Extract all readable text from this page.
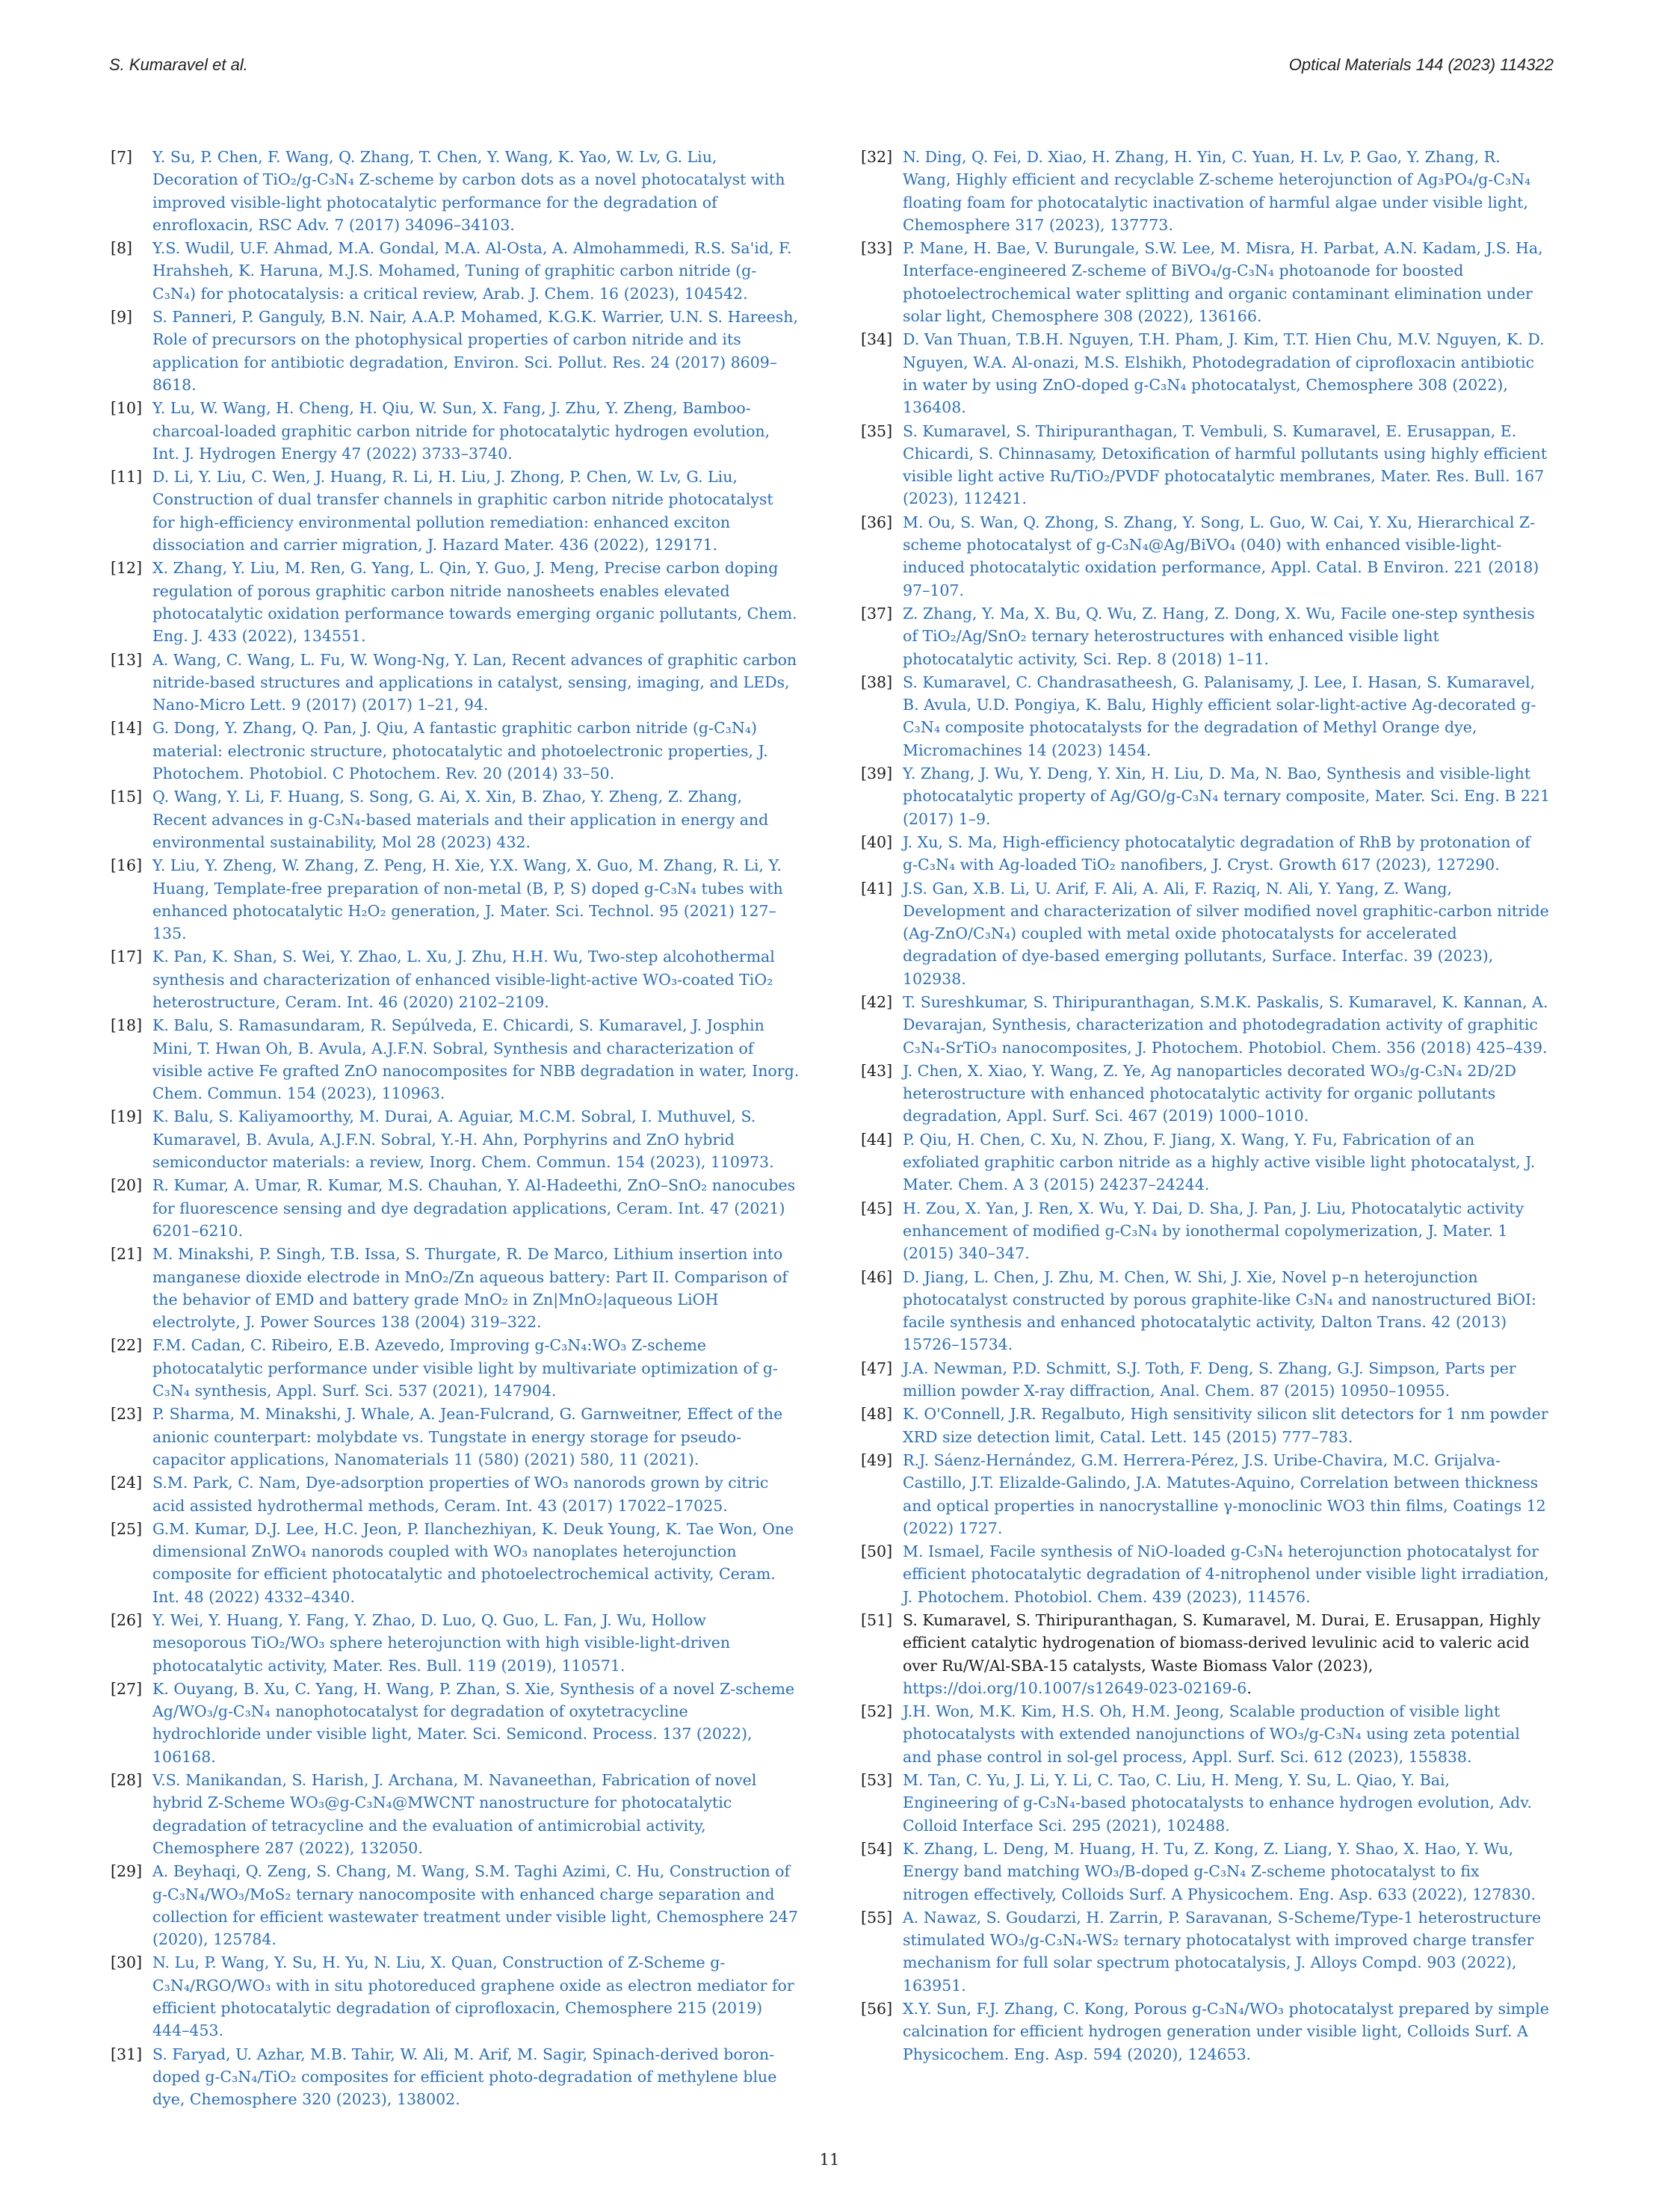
S. Kumaravel et al.	Optical Materials 144 (2023) 114322
[7] Y. Su, P. Chen, F. Wang, Q. Zhang, T. Chen, Y. Wang, K. Yao, W. Lv, G. Liu, Decoration of TiO₂/g-C₃N₄ Z-scheme by carbon dots as a novel photocatalyst with improved visible-light photocatalytic performance for the degradation of enrofloxacin, RSC Adv. 7 (2017) 34096–34103.
[8] Y.S. Wudil, U.F. Ahmad, M.A. Gondal, M.A. Al-Osta, A. Almohammedi, R.S. Sa'id, F. Hrahsheh, K. Haruna, M.J.S. Mohamed, Tuning of graphitic carbon nitride (g-C₃N₄) for photocatalysis: a critical review, Arab. J. Chem. 16 (2023), 104542.
[9] S. Panneri, P. Ganguly, B.N. Nair, A.A.P. Mohamed, K.G.K. Warrier, U.N. S. Hareesh, Role of precursors on the photophysical properties of carbon nitride and its application for antibiotic degradation, Environ. Sci. Pollut. Res. 24 (2017) 8609–8618.
[10] Y. Lu, W. Wang, H. Cheng, H. Qiu, W. Sun, X. Fang, J. Zhu, Y. Zheng, Bamboo-charcoal-loaded graphitic carbon nitride for photocatalytic hydrogen evolution, Int. J. Hydrogen Energy 47 (2022) 3733–3740.
[11] D. Li, Y. Liu, C. Wen, J. Huang, R. Li, H. Liu, J. Zhong, P. Chen, W. Lv, G. Liu, Construction of dual transfer channels in graphitic carbon nitride photocatalyst for high-efficiency environmental pollution remediation: enhanced exciton dissociation and carrier migration, J. Hazard Mater. 436 (2022), 129171.
[12] X. Zhang, Y. Liu, M. Ren, G. Yang, L. Qin, Y. Guo, J. Meng, Precise carbon doping regulation of porous graphitic carbon nitride nanosheets enables elevated photocatalytic oxidation performance towards emerging organic pollutants, Chem. Eng. J. 433 (2022), 134551.
[13] A. Wang, C. Wang, L. Fu, W. Wong-Ng, Y. Lan, Recent advances of graphitic carbon nitride-based structures and applications in catalyst, sensing, imaging, and LEDs, Nano-Micro Lett. 9 (2017) (2017) 1–21, 94.
[14] G. Dong, Y. Zhang, Q. Pan, J. Qiu, A fantastic graphitic carbon nitride (g-C₃N₄) material: electronic structure, photocatalytic and photoelectronic properties, J. Photochem. Photobiol. C Photochem. Rev. 20 (2014) 33–50.
[15] Q. Wang, Y. Li, F. Huang, S. Song, G. Ai, X. Xin, B. Zhao, Y. Zheng, Z. Zhang, Recent advances in g-C₃N₄-based materials and their application in energy and environmental sustainability, Mol 28 (2023) 432.
[16] Y. Liu, Y. Zheng, W. Zhang, Z. Peng, H. Xie, Y.X. Wang, X. Guo, M. Zhang, R. Li, Y. Huang, Template-free preparation of non-metal (B, P, S) doped g-C₃N₄ tubes with enhanced photocatalytic H₂O₂ generation, J. Mater. Sci. Technol. 95 (2021) 127–135.
[17] K. Pan, K. Shan, S. Wei, Y. Zhao, L. Xu, J. Zhu, H.H. Wu, Two-step alcohothermal synthesis and characterization of enhanced visible-light-active WO₃-coated TiO₂ heterostructure, Ceram. Int. 46 (2020) 2102–2109.
[18] K. Balu, S. Ramasundaram, R. Sepúlveda, E. Chicardi, S. Kumaravel, J. Josphin Mini, T. Hwan Oh, B. Avula, A.J.F.N. Sobral, Synthesis and characterization of visible active Fe grafted ZnO nanocomposites for NBB degradation in water, Inorg. Chem. Commun. 154 (2023), 110963.
[19] K. Balu, S. Kaliyamoorthy, M. Durai, A. Aguiar, M.C.M. Sobral, I. Muthuvel, S. Kumaravel, B. Avula, A.J.F.N. Sobral, Y.-H. Ahn, Porphyrins and ZnO hybrid semiconductor materials: a review, Inorg. Chem. Commun. 154 (2023), 110973.
[20] R. Kumar, A. Umar, R. Kumar, M.S. Chauhan, Y. Al-Hadeethi, ZnO–SnO₂ nanocubes for fluorescence sensing and dye degradation applications, Ceram. Int. 47 (2021) 6201–6210.
[21] M. Minakshi, P. Singh, T.B. Issa, S. Thurgate, R. De Marco, Lithium insertion into manganese dioxide electrode in MnO₂/Zn aqueous battery: Part II. Comparison of the behavior of EMD and battery grade MnO₂ in Zn|MnO₂|aqueous LiOH electrolyte, J. Power Sources 138 (2004) 319–322.
[22] F.M. Cadan, C. Ribeiro, E.B. Azevedo, Improving g-C₃N₄:WO₃ Z-scheme photocatalytic performance under visible light by multivariate optimization of g-C₃N₄ synthesis, Appl. Surf. Sci. 537 (2021), 147904.
[23] P. Sharma, M. Minakshi, J. Whale, A. Jean-Fulcrand, G. Garnweitner, Effect of the anionic counterpart: molybdate vs. Tungstate in energy storage for pseudo-capacitor applications, Nanomaterials 11 (580) (2021) 580, 11 (2021).
[24] S.M. Park, C. Nam, Dye-adsorption properties of WO₃ nanorods grown by citric acid assisted hydrothermal methods, Ceram. Int. 43 (2017) 17022–17025.
[25] G.M. Kumar, D.J. Lee, H.C. Jeon, P. Ilanchezhiyan, K. Deuk Young, K. Tae Won, One dimensional ZnWO₄ nanorods coupled with WO₃ nanoplates heterojunction composite for efficient photocatalytic and photoelectrochemical activity, Ceram. Int. 48 (2022) 4332–4340.
[26] Y. Wei, Y. Huang, Y. Fang, Y. Zhao, D. Luo, Q. Guo, L. Fan, J. Wu, Hollow mesoporous TiO₂/WO₃ sphere heterojunction with high visible-light-driven photocatalytic activity, Mater. Res. Bull. 119 (2019), 110571.
[27] K. Ouyang, B. Xu, C. Yang, H. Wang, P. Zhan, S. Xie, Synthesis of a novel Z-scheme Ag/WO₃/g-C₃N₄ nanophotocatalyst for degradation of oxytetracycline hydrochloride under visible light, Mater. Sci. Semicond. Process. 137 (2022), 106168.
[28] V.S. Manikandan, S. Harish, J. Archana, M. Navaneethan, Fabrication of novel hybrid Z-Scheme WO₃@g-C₃N₄@MWCNT nanostructure for photocatalytic degradation of tetracycline and the evaluation of antimicrobial activity, Chemosphere 287 (2022), 132050.
[29] A. Beyhaqi, Q. Zeng, S. Chang, M. Wang, S.M. Taghi Azimi, C. Hu, Construction of g-C₃N₄/WO₃/MoS₂ ternary nanocomposite with enhanced charge separation and collection for efficient wastewater treatment under visible light, Chemosphere 247 (2020), 125784.
[30] N. Lu, P. Wang, Y. Su, H. Yu, N. Liu, X. Quan, Construction of Z-Scheme g-C₃N₄/RGO/WO₃ with in situ photoreduced graphene oxide as electron mediator for efficient photocatalytic degradation of ciprofloxacin, Chemosphere 215 (2019) 444–453.
[31] S. Faryad, U. Azhar, M.B. Tahir, W. Ali, M. Arif, M. Sagir, Spinach-derived boron-doped g-C₃N₄/TiO₂ composites for efficient photo-degradation of methylene blue dye, Chemosphere 320 (2023), 138002.
[32] N. Ding, Q. Fei, D. Xiao, H. Zhang, H. Yin, C. Yuan, H. Lv, P. Gao, Y. Zhang, R. Wang, Highly efficient and recyclable Z-scheme heterojunction of Ag₃PO₄/g-C₃N₄ floating foam for photocatalytic inactivation of harmful algae under visible light, Chemosphere 317 (2023), 137773.
[33] P. Mane, H. Bae, V. Burungale, S.W. Lee, M. Misra, H. Parbat, A.N. Kadam, J.S. Ha, Interface-engineered Z-scheme of BiVO₄/g-C₃N₄ photoanode for boosted photoelectrochemical water splitting and organic contaminant elimination under solar light, Chemosphere 308 (2022), 136166.
[34] D. Van Thuan, T.B.H. Nguyen, T.H. Pham, J. Kim, T.T. Hien Chu, M.V. Nguyen, K. D. Nguyen, W.A. Al-onazi, M.S. Elshikh, Photodegradation of ciprofloxacin antibiotic in water by using ZnO-doped g-C₃N₄ photocatalyst, Chemosphere 308 (2022), 136408.
[35] S. Kumaravel, S. Thiripuranthagan, T. Vembuli, S. Kumaravel, E. Erusappan, E. Chicardi, S. Chinnasamy, Detoxification of harmful pollutants using highly efficient visible light active Ru/TiO₂/PVDF photocatalytic membranes, Mater. Res. Bull. 167 (2023), 112421.
[36] M. Ou, S. Wan, Q. Zhong, S. Zhang, Y. Song, L. Guo, W. Cai, Y. Xu, Hierarchical Z-scheme photocatalyst of g-C₃N₄@Ag/BiVO₄ (040) with enhanced visible-light-induced photocatalytic oxidation performance, Appl. Catal. B Environ. 221 (2018) 97–107.
[37] Z. Zhang, Y. Ma, X. Bu, Q. Wu, Z. Hang, Z. Dong, X. Wu, Facile one-step synthesis of TiO₂/Ag/SnO₂ ternary heterostructures with enhanced visible light photocatalytic activity, Sci. Rep. 8 (2018) 1–11.
[38] S. Kumaravel, C. Chandrasatheesh, G. Palanisamy, J. Lee, I. Hasan, S. Kumaravel, B. Avula, U.D. Pongiya, K. Balu, Highly efficient solar-light-active Ag-decorated g-C₃N₄ composite photocatalysts for the degradation of Methyl Orange dye, Micromachines 14 (2023) 1454.
[39] Y. Zhang, J. Wu, Y. Deng, Y. Xin, H. Liu, D. Ma, N. Bao, Synthesis and visible-light photocatalytic property of Ag/GO/g-C₃N₄ ternary composite, Mater. Sci. Eng. B 221 (2017) 1–9.
[40] J. Xu, S. Ma, High-efficiency photocatalytic degradation of RhB by protonation of g-C₃N₄ with Ag-loaded TiO₂ nanofibers, J. Cryst. Growth 617 (2023), 127290.
[41] J.S. Gan, X.B. Li, U. Arif, F. Ali, A. Ali, F. Raziq, N. Ali, Y. Yang, Z. Wang, Development and characterization of silver modified novel graphitic-carbon nitride (Ag-ZnO/C₃N₄) coupled with metal oxide photocatalysts for accelerated degradation of dye-based emerging pollutants, Surface. Interfac. 39 (2023), 102938.
[42] T. Sureshkumar, S. Thiripuranthagan, S.M.K. Paskalis, S. Kumaravel, K. Kannan, A. Devarajan, Synthesis, characterization and photodegradation activity of graphitic C₃N₄-SrTiO₃ nanocomposites, J. Photochem. Photobiol. Chem. 356 (2018) 425–439.
[43] J. Chen, X. Xiao, Y. Wang, Z. Ye, Ag nanoparticles decorated WO₃/g-C₃N₄ 2D/2D heterostructure with enhanced photocatalytic activity for organic pollutants degradation, Appl. Surf. Sci. 467 (2019) 1000–1010.
[44] P. Qiu, H. Chen, C. Xu, N. Zhou, F. Jiang, X. Wang, Y. Fu, Fabrication of an exfoliated graphitic carbon nitride as a highly active visible light photocatalyst, J. Mater. Chem. A 3 (2015) 24237–24244.
[45] H. Zou, X. Yan, J. Ren, X. Wu, Y. Dai, D. Sha, J. Pan, J. Liu, Photocatalytic activity enhancement of modified g-C₃N₄ by ionothermal copolymerization, J. Mater. 1 (2015) 340–347.
[46] D. Jiang, L. Chen, J. Zhu, M. Chen, W. Shi, J. Xie, Novel p–n heterojunction photocatalyst constructed by porous graphite-like C₃N₄ and nanostructured BiOI: facile synthesis and enhanced photocatalytic activity, Dalton Trans. 42 (2013) 15726–15734.
[47] J.A. Newman, P.D. Schmitt, S.J. Toth, F. Deng, S. Zhang, G.J. Simpson, Parts per million powder X-ray diffraction, Anal. Chem. 87 (2015) 10950–10955.
[48] K. O'Connell, J.R. Regalbuto, High sensitivity silicon slit detectors for 1 nm powder XRD size detection limit, Catal. Lett. 145 (2015) 777–783.
[49] R.J. Sáenz-Hernández, G.M. Herrera-Pérez, J.S. Uribe-Chavira, M.C. Grijalva-Castillo, J.T. Elizalde-Galindo, J.A. Matutes-Aquino, Correlation between thickness and optical properties in nanocrystalline γ-monoclinic WO3 thin films, Coatings 12 (2022) 1727.
[50] M. Ismael, Facile synthesis of NiO-loaded g-C₃N₄ heterojunction photocatalyst for efficient photocatalytic degradation of 4-nitrophenol under visible light irradiation, J. Photochem. Photobiol. Chem. 439 (2023), 114576.
[51] S. Kumaravel, S. Thiripuranthagan, S. Kumaravel, M. Durai, E. Erusappan, Highly efficient catalytic hydrogenation of biomass-derived levulinic acid to valeric acid over Ru/W/Al-SBA-15 catalysts, Waste Biomass Valor (2023), https://doi.org/10.1007/s12649-023-02169-6.
[52] J.H. Won, M.K. Kim, H.S. Oh, H.M. Jeong, Scalable production of visible light photocatalysts with extended nanojunctions of WO₃/g-C₃N₄ using zeta potential and phase control in sol-gel process, Appl. Surf. Sci. 612 (2023), 155838.
[53] M. Tan, C. Yu, J. Li, Y. Li, C. Tao, C. Liu, H. Meng, Y. Su, L. Qiao, Y. Bai, Engineering of g-C₃N₄-based photocatalysts to enhance hydrogen evolution, Adv. Colloid Interface Sci. 295 (2021), 102488.
[54] K. Zhang, L. Deng, M. Huang, H. Tu, Z. Kong, Z. Liang, Y. Shao, X. Hao, Y. Wu, Energy band matching WO₃/B-doped g-C₃N₄ Z-scheme photocatalyst to fix nitrogen effectively, Colloids Surf. A Physicochem. Eng. Asp. 633 (2022), 127830.
[55] A. Nawaz, S. Goudarzi, H. Zarrin, P. Saravanan, S-Scheme/Type-1 heterostructure stimulated WO₃/g-C₃N₄-WS₂ ternary photocatalyst with improved charge transfer mechanism for full solar spectrum photocatalysis, J. Alloys Compd. 903 (2022), 163951.
[56] X.Y. Sun, F.J. Zhang, C. Kong, Porous g-C₃N₄/WO₃ photocatalyst prepared by simple calcination for efficient hydrogen generation under visible light, Colloids Surf. A Physicochem. Eng. Asp. 594 (2020), 124653.
11
